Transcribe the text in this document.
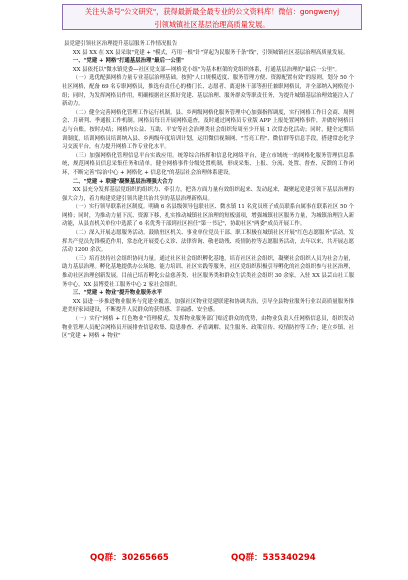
关注头条号"公文研究"，获得最新最全最专业的公文资料库！微信：gongwenyj
引领城镇社区基层治理高质量发展。

县党建引领社区治理提升基层服务工作情况报告

XX 县 XX 在 XX 县采取"党建 + "模式，巧用一根"针"穿起为民服务千条"线"，引领城镇社区基层治理高质量发展。

一、"党建 + 网格"打通基层治理"最后一公里"

XX 县依托以"微水镇党委—社区党支部—网格党小组"为基本框架的党组织体系，打通基层治理的"最后一公里"。

（一）选优配强网格力量专业基层治理基础。按照"人口规模适度、服务管理方便、资源配置有效"的原则，划分 50 个社区网格，配备 69 名专职网格员，推选有责任心的楼门长、志愿者、离退休干部等担任兼职网格员，并全部纳入网格党小组；同时，为发挥网格员作用，明确根据社区抓好党建、基层治理、服务群众等职责任务，为提升城镇基层治理效能注入了新动力。

（二）健全完善网格化管理工作运行机制。县、乡两级网格化服务管理中心加强指挥调度，实行网格工作日会商、周例会、月研判、季通报工作机制。网格员每日开展网格巡查，及时通过网格员专业版 APP 上报处置网格事件，并做好网格日志与台账。按时办结；网格内公益、互助、平安等社会治理类社会组织每周至少开展 1 次常态化活动；同时，健全定期培训制度，培训网格员培训纳入县、乡两级年度培训计划，运用微信视频网、"雪亮工程"、微信群等信息手段，搭建常态化学习交流平台，有力提升网格工作专业化水平。

（三）加强网格化管理信息平台实战应用。统筹综合指挥和信息化网络平台，建立市域统一的网格化服务管理信息系统，规范网格员信息采集任务和清单，健全网格事件分级处置机制，形成采集、上报、分流、处置、督查、反馈的工作闭环，不断完善"综治中心 + 网格化 + 信息化"的基层社会治理体系建设。

二、"党建 + 联建"凝聚基层治理强大合力

XX 县充分发挥基层党组织的组织力、牵引力，把各方面力量有效组织起来、发动起来，凝聚起党建引领下基层治理的强大合力，着力构建党建引领共建共治共享的基层治理新格局。

（一）实行领导联系社区制度。明确 6 名县级领导包联社区、微水镇 11 名党员班子成员联系台属事在联系社区 50 个网格；同时，为推动力量下沉、资源下移，扎实推动城镇社区治理的短板弱项，增强城镇社区服务力量，为城镇治理注入新动能，从县直机关单位中选派了 6 名优秀干部到社区担任"第一书记"，协助社区"两委"成员开展工作。

（二）深入开展志愿服务活动。鼓励驻区机关、事业单位党员干部、职工积极在城镇社区开展"红色志愿服务"活动，发挥共产党员先锋模范作用，常态化开展爱心义诊、法律咨询、敬老助残、疫情防控等志愿服务活动，去年以来，共开展志愿活动 1200 余次。

（三）培育扶持社会组织协同力量。通过社区社会组织孵化基地，培育社区社会组织，凝聚社会组织人员为社会力量，助力基层治理。孵化基地提供办公场地、能力培训、社区实践等服务，社区党组织积极引导孵化的社会组织参与社区治理，推动社区治理创新发展。目前已培育孵化公益慈善类、社区服务类和群众生活类社会组织 30 余家，入驻 XX 县芸山社工服务中心，XX 县博爱社工服务中心 2 家社会组织。

三、"党建 + 物业"提升物业服务水平

XX 县进一步推进物业服务与党建全覆盖，加强社区物业党建联建和协调共治，引导全县物业服务行业以高质量服务推进美好家园建设，不断提升人民群众的获得感、幸福感、安全感。

（一）实行"网格 + 红色物业"管理模式。发挥物业服务部门贴近群众的优势，由物业负责人任网格信息员，组织发动物业管理人员配合网格员开展排查信息收集、隐患排查、矛盾调解、民生服务、政策宣传、疫情防控等工作；建立乡镇、社区"党建 + 网格 + 物业"

QQ群：30265665	QQ群：535340294
